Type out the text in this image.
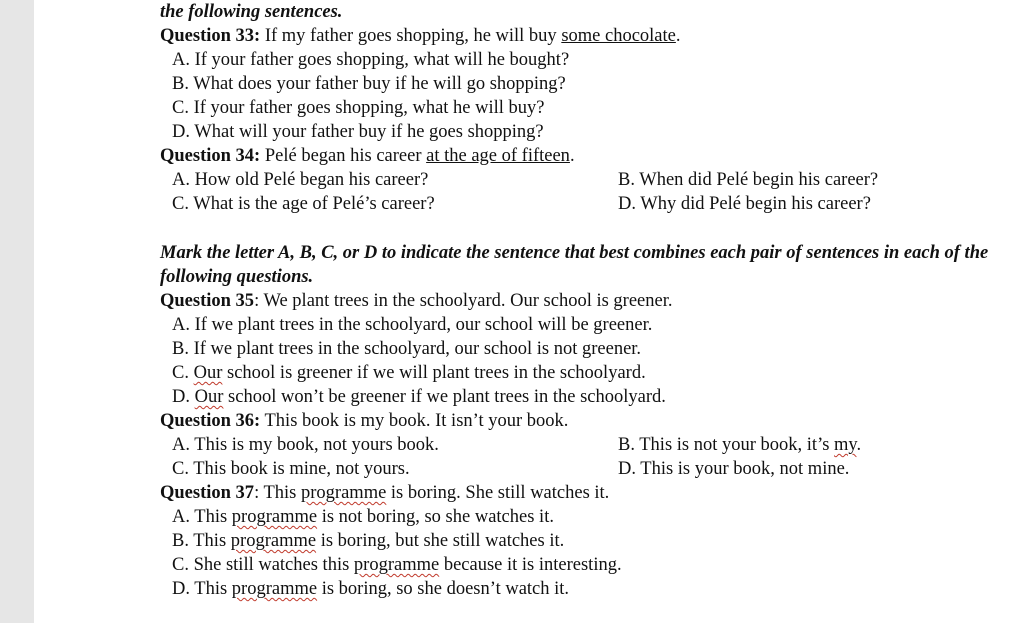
the following sentences.
Question 33: If my father goes shopping, he will buy some chocolate.
A. If your father goes shopping, what will he bought?
B. What does your father buy if he will go shopping?
C. If your father goes shopping, what he will buy?
D. What will your father buy if he goes shopping?
Question 34: Pelé began his career at the age of fifteen.
A. How old Pelé began his career?	B. When did Pelé begin his career?
C. What is the age of Pelé’s career?	D. Why did Pelé begin his career?
Mark the letter A, B, C, or D to indicate the sentence that best combines each pair of sentences in each of the following questions.
Question 35: We plant trees in the schoolyard. Our school is greener.
A. If we plant trees in the schoolyard, our school will be greener.
B. If we plant trees in the schoolyard, our school is not greener.
C. Our school is greener if we will plant trees in the schoolyard.
D. Our school won’t be greener if we plant trees in the schoolyard.
Question 36: This book is my book. It isn’t your book.
A. This is my book, not yours book.	B. This is not your book, it’s my.
C. This book is mine, not yours.	D. This is your book, not mine.
Question 37: This programme is boring. She still watches it.
A. This programme is not boring, so she watches it.
B. This programme is boring, but she still watches it.
C. She still watches this programme because it is interesting.
D. This programme is boring, so she doesn’t watch it.
